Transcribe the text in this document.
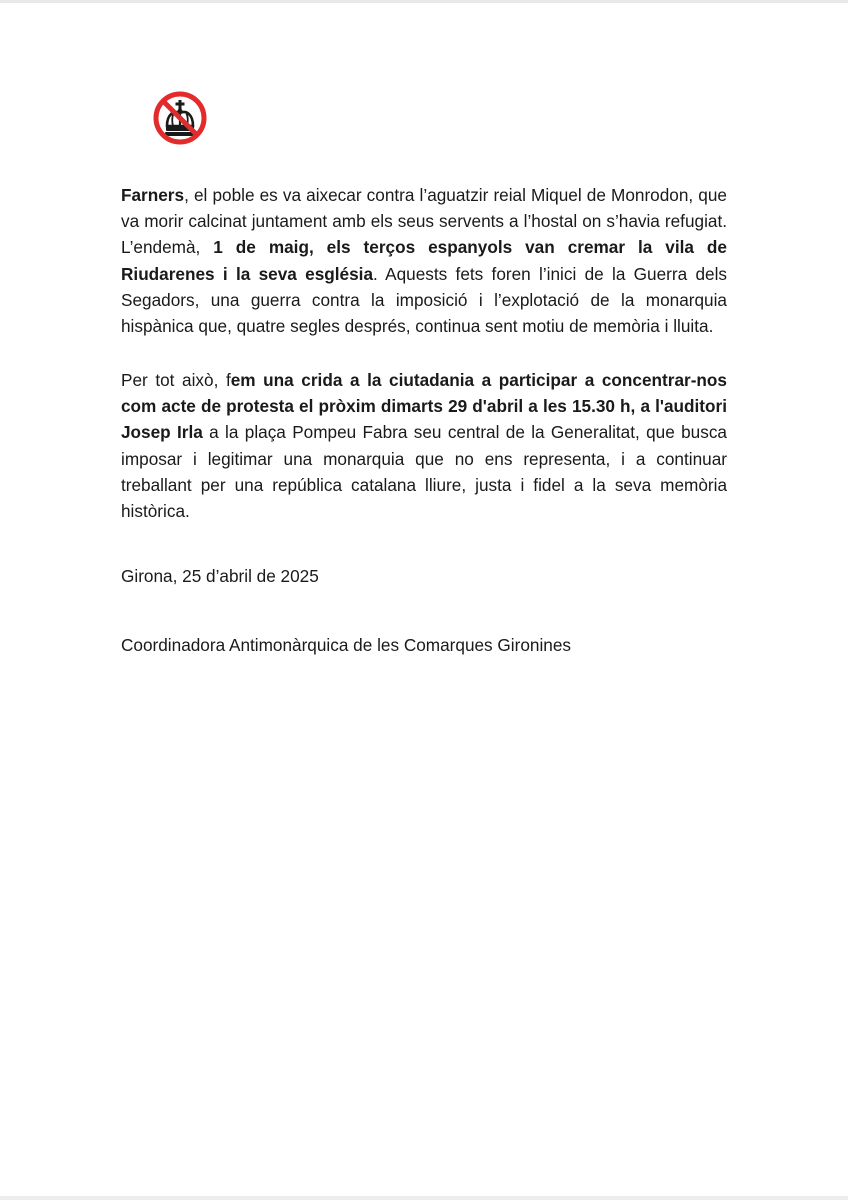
Farners, el poble es va aixecar contra l’aguatzir reial Miquel de Monrodon, que va morir calcinat juntament amb els seus servents a l’hostal on s’havia refugiat. L’endemà, 1 de maig, els terços espanyols van cremar la vila de Riudarenes i la seva església. Aquests fets foren l’inici de la Guerra dels Segadors, una guerra contra la imposició i l’explotació de la monarquia hispànica que, quatre segles després, continua sent motiu de memòria i lluita.

Per tot això, fem una crida a la ciutadania a participar a concentrar-nos com acte de protesta el pròxim dimarts 29 d'abril a les 15.30 h, a l'auditori Josep Irla a la plaça Pompeu Fabra seu central de la Generalitat, que busca imposar i legitimar una monarquia que no ens representa, i a continuar treballant per una república catalana lliure, justa i fidel a la seva memòria històrica.

Girona, 25 d’abril de 2025

Coordinadora Antimonàrquica de les Comarques Gironines
